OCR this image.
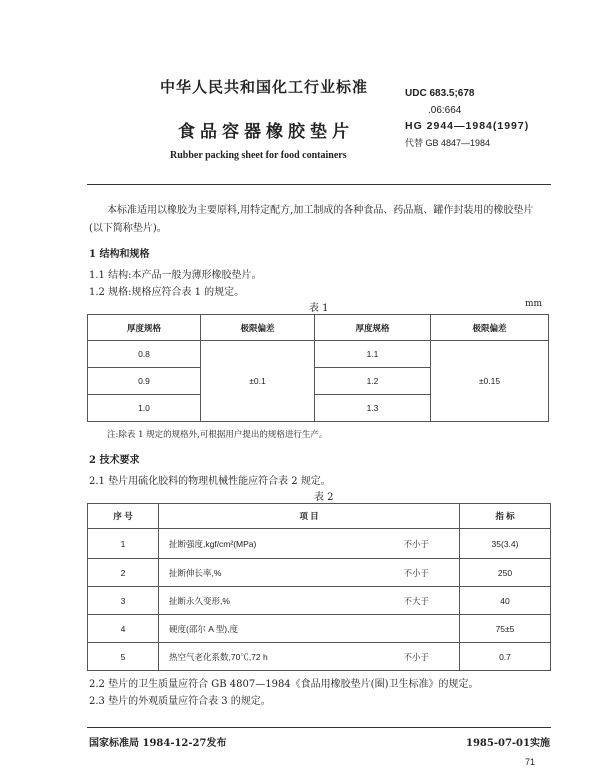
中华人民共和国化工行业标准
食品容器橡胶垫片
Rubber packing sheet for food containers
UDC 683.5;678
.06:664
HG 2944—1984(1997)
代替 GB 4847—1984
本标准适用以橡胶为主要原料,用特定配方,加工制成的各种食品、药品瓶、罐作封装用的橡胶垫片
(以下简称垫片)。
1 结构和规格
1.1 结构:本产品一般为薄形橡胶垫片。
1.2 规格:规格应符合表 1 的规定。
表 1	mm
厚度规格	极限偏差	厚度规格	极限偏差
0.8	±0.1	1.1	±0.15
0.9		1.2	
1.0		1.3	
注:除表 1 规定的规格外,可根据用户提出的规格进行生产。
2 技术要求
2.1 垫片用硫化胶料的物理机械性能应符合表 2 规定。
表 2
序 号	项 目		指 标
1	扯断强度,kgf/cm²(MPa)	不小于	35(3.4)
2	扯断伸长率,%	不小于	250
3	扯断永久变形,%	不大于	40
4	硬度(邵尔 A 型),度		75±5
5	热空气老化系数,70℃,72 h	不小于	0.7
2.2 垫片的卫生质量应符合 GB 4807—1984《食品用橡胶垫片(圈)卫生标准》的规定。
2.3 垫片的外观质量应符合表 3 的规定。
国家标准局 1984-12-27发布	1985-07-01实施
71
